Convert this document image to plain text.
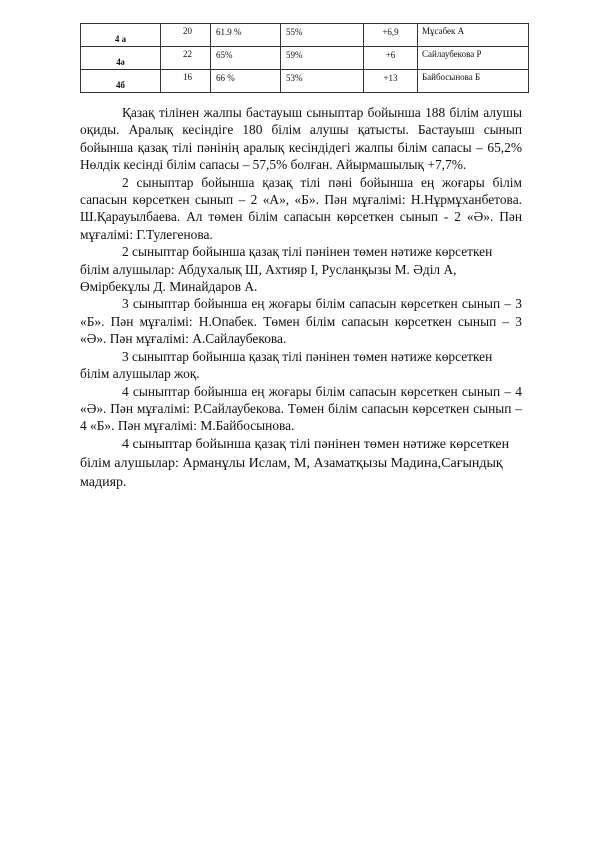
4 а	20	61.9 %	55%	+6,9	Мұсабек А

4ә	22	65%	59%	+6	Сайлаубекова Р

4б	16	66 %	53%	+13	Байбосынова Б

Қазақ тілінен жалпы бастауыш сыныптар бойынша 188 білім алушы оқиды. Аралық кесіндіге 180 білім алушы қатысты. Бастауыш сынып бойынша қазақ тілі пәнінің аралық кесіндідегі жалпы білім сапасы – 65,2% Нөлдік кесінді білім сапасы – 57,5% болған. Айырмашылық +7,7%.

2 сыныптар бойынша қазақ тілі пәні бойынша ең жоғары білім сапасын көрсеткен сынып – 2 «А», «Б». Пән мұғалімі: Н.Нұрмұханбетова. Ш.Қарауылбаева. Ал төмен білім сапасын көрсеткен сынып - 2 «Ә». Пән мұғалімі: Г.Тулегенова.

2 сыныптар бойынша қазақ тілі пәнінен төмен нәтиже көрсеткен білім алушылар: Абдухалық Ш, Ахтияр І, Русланқызы М. Әділ А, Өмірбекұлы Д. Минайдаров А.

3 сыныптар бойынша ең жоғары білім сапасын көрсеткен сынып – 3 «Б». Пән мұғалімі: Н.Опабек. Төмен білім сапасын көрсеткен сынып – 3 «Ә». Пән мұғалімі: А.Сайлаубекова.

3 сыныптар бойынша қазақ тілі пәнінен төмен нәтиже көрсеткен білім алушылар жоқ.

4 сыныптар бойынша ең жоғары білім сапасын көрсеткен сынып – 4 «Ә». Пән мұғалімі: Р.Сайлаубекова. Төмен білім сапасын көрсеткен сынып – 4 «Б». Пән мұғалімі: М.Байбосынова.

4 сыныптар бойынша қазақ тілі пәнінен төмен нәтиже көрсеткен білім алушылар: Арманұлы Ислам, М, Азаматқызы Мадина,Сағындық мадияр.
